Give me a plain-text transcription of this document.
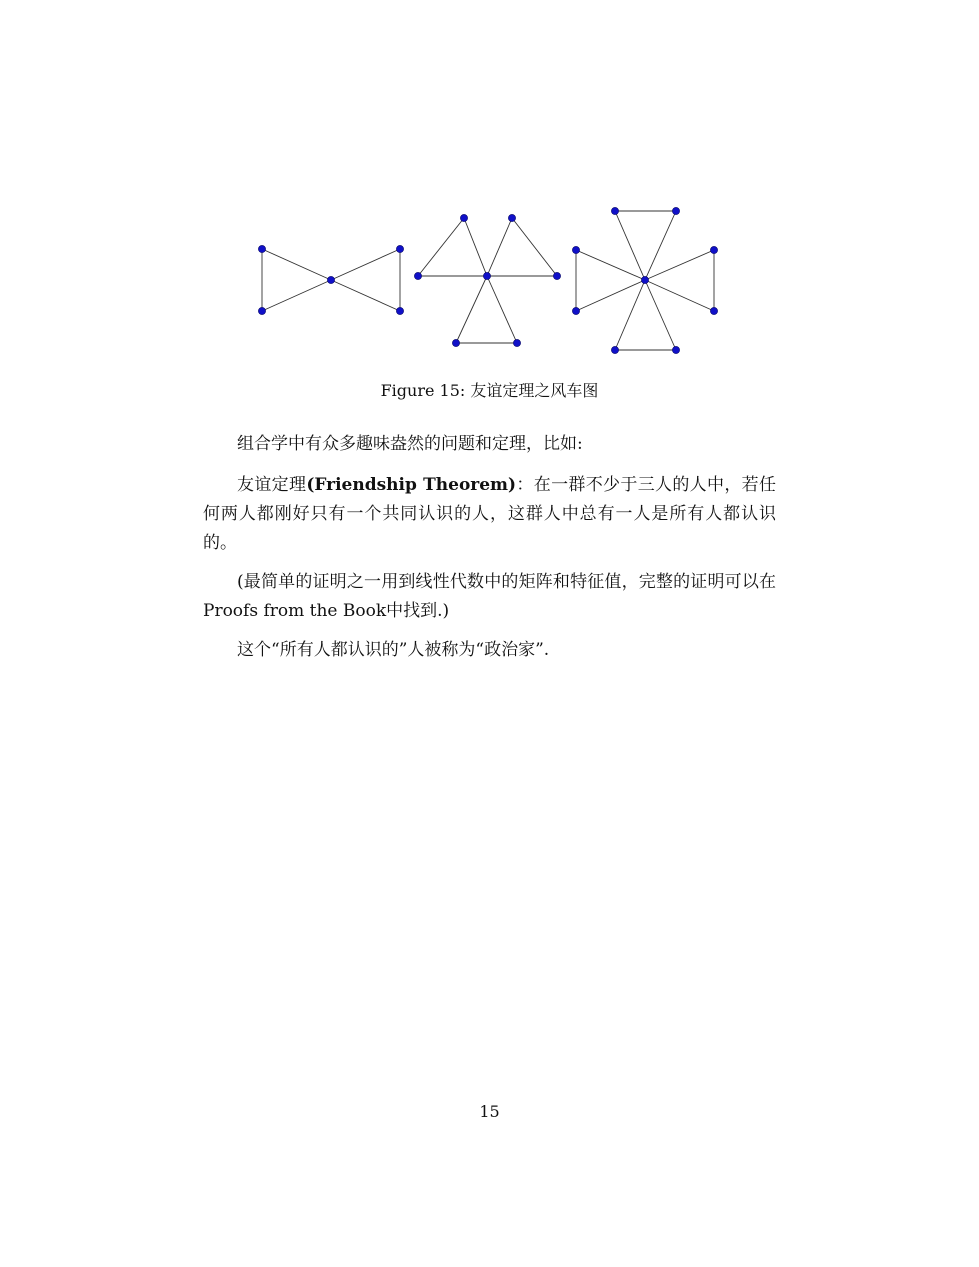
Figure 15: 友谊定理之风车图

组合学中有众多趣味盎然的问题和定理，比如:

友谊定理(Friendship Theorem)：在一群不少于三人的人中，若任何两人都刚好只有一个共同认识的人，这群人中总有一人是所有人都认识的。

(最简单的证明之一用到线性代数中的矩阵和特征值，完整的证明可以在Proofs from the Book中找到.)

这个“所有人都认识的”人被称为“政治家”.

15
